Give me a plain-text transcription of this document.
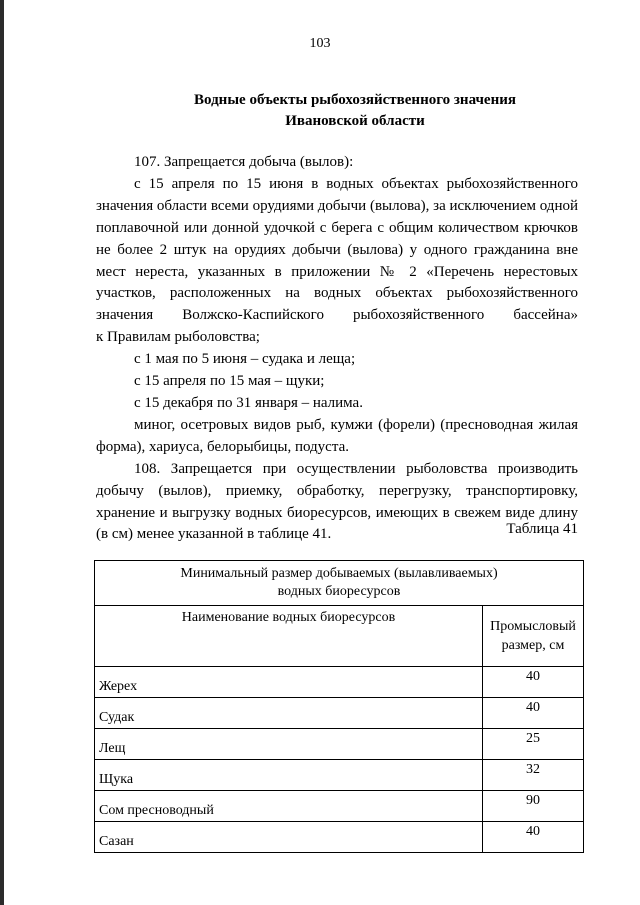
103
Водные объекты рыбохозяйственного значения
Ивановской области

107. Запрещается добыча (вылов):

с 15 апреля по 15 июня в водных объектах рыбохозяйственного значения области всеми орудиями добычи (вылова), за исключением одной поплавочной или донной удочкой с берега с общим количеством крючков не более 2 штук на орудиях добычи (вылова) у одного гражданина вне мест нереста, указанных в приложении № 2 «Перечень нерестовых участков, расположенных на водных объектах рыбохозяйственного значения Волжско-Каспийского рыбохозяйственного бассейна»

к Правилам рыболовства;

с 1 мая по 5 июня – судака и леща;

с 15 апреля по 15 мая – щуки;

с 15 декабря по 31 января – налима.

миног, осетровых видов рыб, кумжи (форели) (пресноводная жилая форма), хариуса, белорыбицы, подуста.

108. Запрещается при осуществлении рыболовства производить добычу (вылов), приемку, обработку, перегрузку, транспортировку, хранение и выгрузку водных биоресурсов, имеющих в свежем виде длину (в см) менее указанной в таблице 41.	Таблица 41
Минимальный размер добываемых (вылавливаемых)
водных биоресурсов	

Наименование водных биоресурсов	Промысловый
размер, см

Жерех	40
Судак	40
Лещ	25
Щука	32
Сом пресноводный	90
Сазан	40
